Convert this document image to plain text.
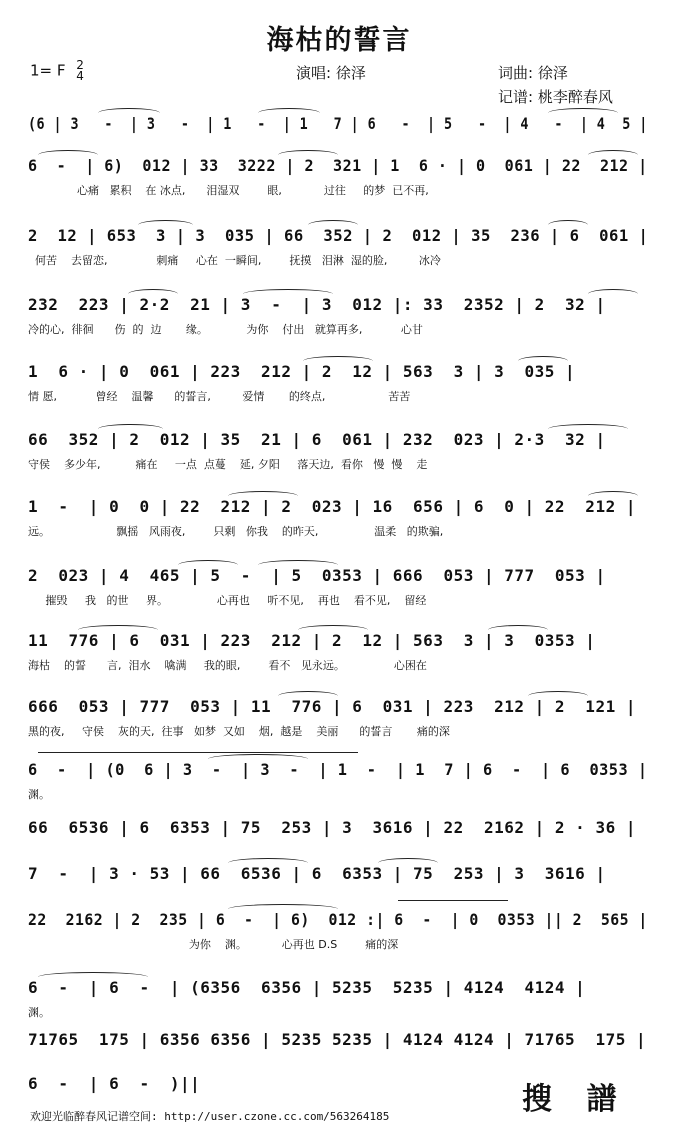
海枯的誓言
1= F 2
4	演唱: 徐泽	词曲: 徐泽
记谱: 桃李醉春风
(6 | 3   -  | 3   -  | 1   -  | 1   7 | 6   -  | 5   -  | 4   -  | 4  5 |
6  -  | 6)  012 | 33  3222 | 2  321 | 1  6 · | 0  061 | 22  212 |
心痛   累积    在 冰点,      泪湿双        眼,            过往     的梦  已不再,
2  12 | 653  3 | 3  035 | 66  352 | 2  012 | 35  236 | 6  061 |
何苦    去留恋,              刺痛     心在  一瞬间,        抚摸   泪淋  湿的脸,         冰冷
232  223 | 2·2  21 | 3  -  | 3  012 |: 33  2352 | 2  32 |
冷的心,  徘徊      伤  的  边       缘。           为你    付出   就算再多,           心甘
1  6 · | 0  061 | 223  212 | 2  12 | 563  3 | 3  035 |
情 愿,           曾经    温馨      的誓言,         爱情       的终点,                  苦苦
66  352 | 2  012 | 35  21 | 6  061 | 232  023 | 2·3  32 |
守侯    多少年,          痛在     一点  点蔓    延, 夕阳     落天边,  看你   慢  慢    走
1  -  | 0  0 | 22  212 | 2  023 | 16  656 | 6  0 | 22  212 |
远。                   飘摇   风雨夜,        只剩   你我    的昨天,                温柔   的欺骗,
2  023 | 4  465 | 5  -  | 5  0353 | 666  053 | 777  053 |
摧毁     我   的世     界。              心再也     听不见,    再也    看不见,    留经
11  776 | 6  031 | 223  212 | 2  12 | 563  3 | 3  0353 |
海枯    的誓      言,  泪水    噙满     我的眼,        看不   见永远。              心困在
666  053 | 777  053 | 11  776 | 6  031 | 223  212 | 2  121 |
黑的夜,     守侯    灰的天,  往事   如梦  又如    烟,  越是    美丽      的誓言       痛的深
6  -  | (0  6 | 3  -  | 3  -  | 1  -  | 1  7 | 6  -  | 6  0353 |
渊。
66  6536 | 6  6353 | 75  253 | 3  3616 | 22  2162 | 2 · 36 |
7  -  | 3 · 53 | 66  6536 | 6  6353 | 75  253 | 3  3616 |
22  2162 | 2  235 | 6  -  | 6)  012 :| 6  -  | 0  0353 || 2  565 |
为你    渊。          心再也 D.S        痛的深
6  -  | 6  -  | (6356  6356 | 5235  5235 | 4124  4124 |
渊。
71765  175 | 6356 6356 | 5235 5235 | 4124 4124 | 71765  175 |
6  -  | 6  -  )||	搜 譜
欢迎光临醉春风记谱空间: http://user.czone.cc.com/563264185
